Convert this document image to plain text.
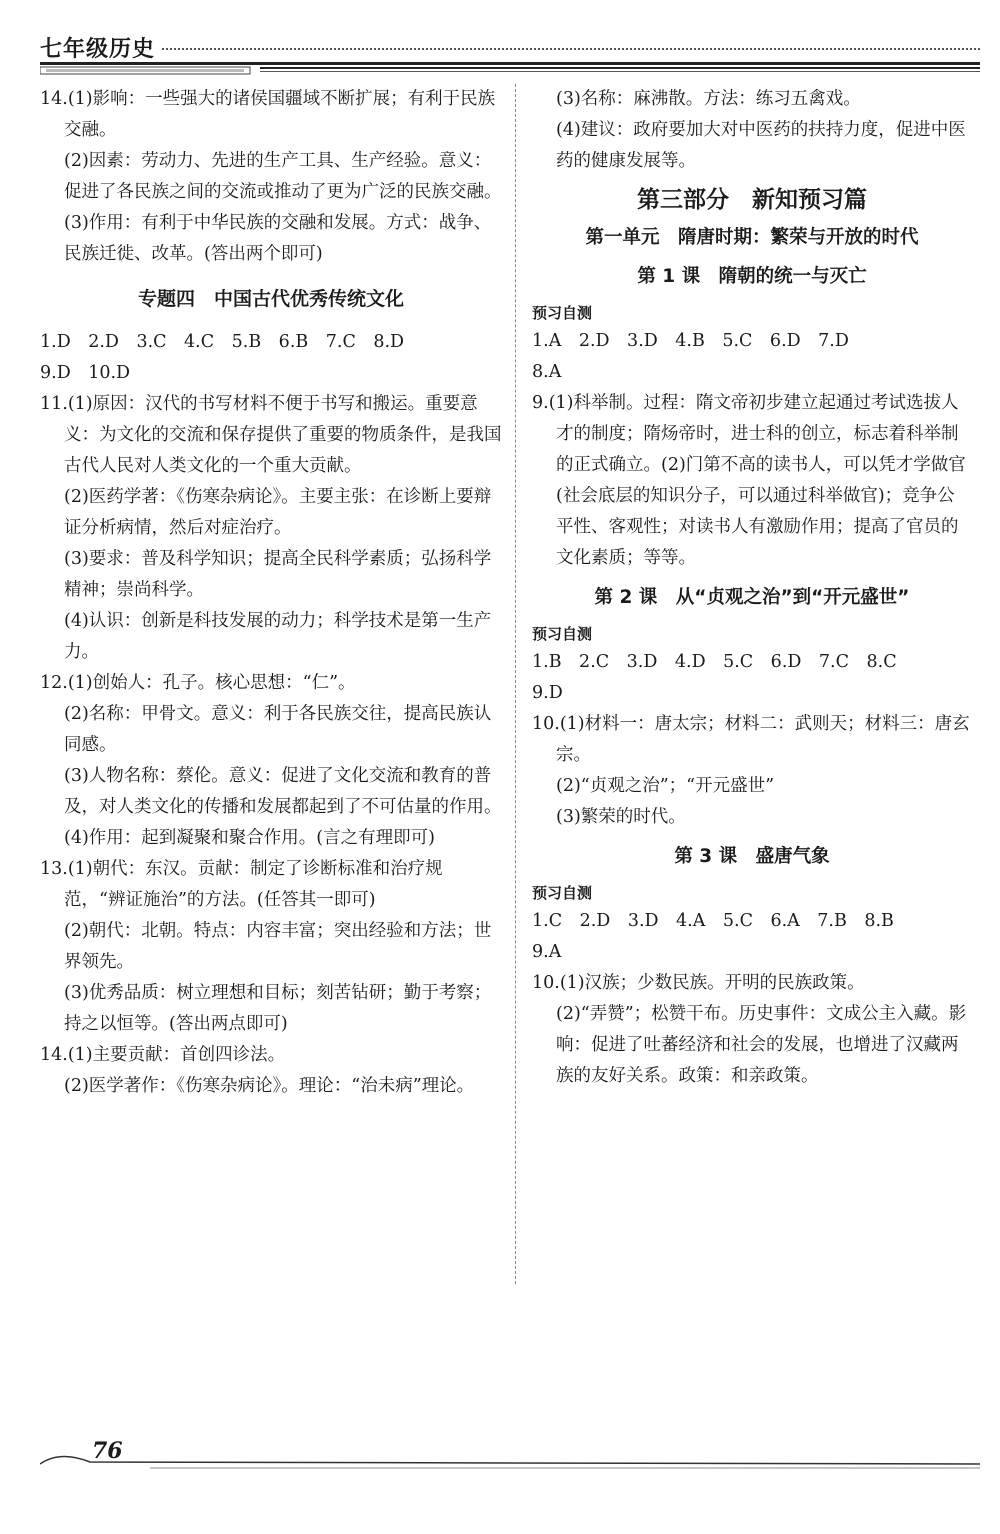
七年级历史

14.(1)影响：一些强大的诸侯国疆域不断扩展；有利于民族交融。

(2)因素：劳动力、先进的生产工具、生产经验。意义：促进了各民族之间的交流或推动了更为广泛的民族交融。

(3)作用：有利于中华民族的交融和发展。方式：战争、民族迁徙、改革。(答出两个即可)

专题四　中国古代优秀传统文化

1.D　2.D　3.C　4.C　5.B　6.B　7.C　8.D

9.D　10.D

11.(1)原因：汉代的书写材料不便于书写和搬运。重要意义：为文化的交流和保存提供了重要的物质条件，是我国古代人民对人类文化的一个重大贡献。

(2)医药学著：《伤寒杂病论》。主要主张：在诊断上要辩证分析病情，然后对症治疗。

(3)要求：普及科学知识；提高全民科学素质；弘扬科学精神；崇尚科学。

(4)认识：创新是科技发展的动力；科学技术是第一生产力。

12.(1)创始人：孔子。核心思想：“仁”。

(2)名称：甲骨文。意义：利于各民族交往，提高民族认同感。

(3)人物名称：蔡伦。意义：促进了文化交流和教育的普及，对人类文化的传播和发展都起到了不可估量的作用。

(4)作用：起到凝聚和聚合作用。(言之有理即可)

13.(1)朝代：东汉。贡献：制定了诊断标准和治疗规范，“辨证施治”的方法。(任答其一即可)

(2)朝代：北朝。特点：内容丰富；突出经验和方法；世界领先。

(3)优秀品质：树立理想和目标；刻苦钻研；勤于考察；持之以恒等。(答出两点即可)

14.(1)主要贡献：首创四诊法。

(2)医学著作：《伤寒杂病论》。理论：“治未病”理论。

(3)名称：麻沸散。方法：练习五禽戏。

(4)建议：政府要加大对中医药的扶持力度，促进中医药的健康发展等。

第三部分　新知预习篇
第一单元　隋唐时期：繁荣与开放的时代
第 1 课　隋朝的统一与灭亡
预习自测

1.A　2.D　3.D　4.B　5.C　6.D　7.D

8.A

9.(1)科举制。过程：隋文帝初步建立起通过考试选拔人才的制度；隋炀帝时，进士科的创立，标志着科举制的正式确立。(2)门第不高的读书人，可以凭才学做官(社会底层的知识分子，可以通过科举做官)；竞争公平性、客观性；对读书人有激励作用；提高了官员的文化素质；等等。

第 2 课　从“贞观之治”到“开元盛世”
预习自测

1.B　2.C　3.D　4.D　5.C　6.D　7.C　8.C

9.D

10.(1)材料一：唐太宗；材料二：武则天；材料三：唐玄宗。

(2)“贞观之治”；“开元盛世”

(3)繁荣的时代。

第 3 课　盛唐气象
预习自测

1.C　2.D　3.D　4.A　5.C　6.A　7.B　8.B

9.A

10.(1)汉族；少数民族。开明的民族政策。

(2)“弄赞”；松赞干布。历史事件：文成公主入藏。影响：促进了吐蕃经济和社会的发展，也增进了汉藏两族的友好关系。政策：和亲政策。

76
